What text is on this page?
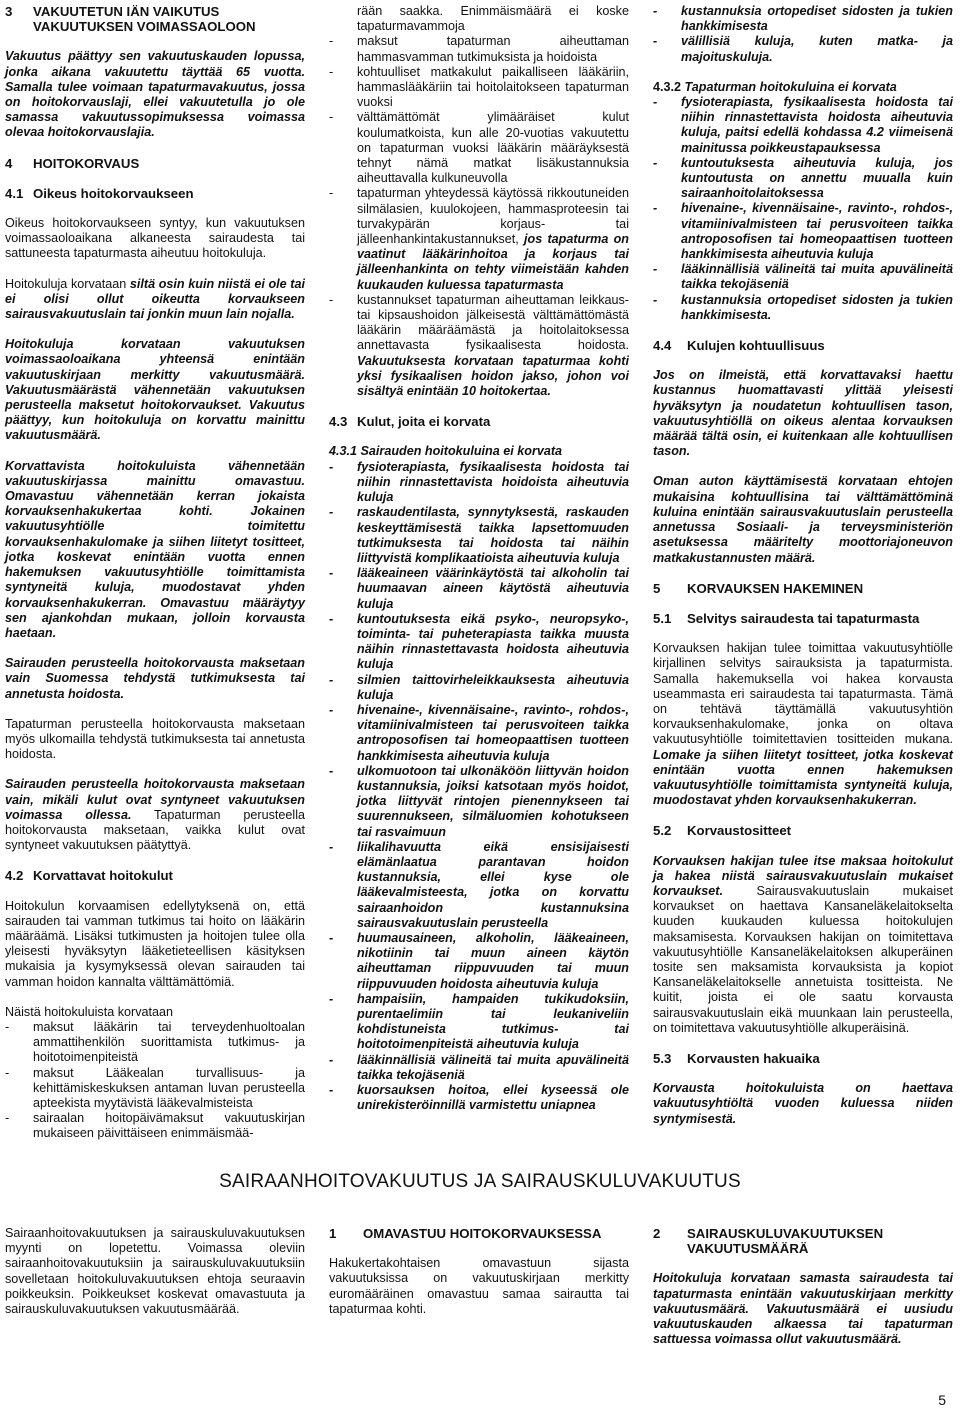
3	VAKUUTETUN IÄN VAIKUTUS VAKUUTUKSEN VOIMASSAOLOON

Vakuutus päättyy sen vakuutuskauden lopussa, jonka aikana vakuutettu täyttää 65 vuotta. Samalla tulee voimaan tapaturmavakuutus, jossa on hoitokorvauslaji, ellei vakuutetulla jo ole samassa vakuutussopimuksessa voimassa olevaa hoitokorvauslajia.

4	HOITOKORVAUS
4.1 Oikeus hoitokorvaukseen

Oikeus hoitokorvaukseen syntyy, kun vakuutuksen voimassaoloaikana alkaneesta sairaudesta tai sattuneesta tapaturmasta aiheutuu hoitokuluja.

Hoitokuluja korvataan siltä osin kuin niistä ei ole tai ei olisi ollut oikeutta korvaukseen sairausvakuutuslain tai jonkin muun lain nojalla.

Hoitokuluja korvataan vakuutuksen voimassaoloaikana yhteensä enintään vakuutuskirjaan merkitty vakuutusmäärä. Vakuutusmäärästä vähennetään vakuutuksen perusteella maksetut hoitokorvaukset. Vakuutus päättyy, kun hoitokuluja on korvattu mainittu vakuutusmäärä.

Korvattavista hoitokuluista vähennetään vakuutuskirjassa mainittu omavastuu. Omavastuu vähennetään kerran jokaista korvauksenhakukertaa kohti. Jokainen vakuutusyhtiölle toimitettu korvauksenhakulomake ja siihen liitetyt tositteet, jotka koskevat enintään vuotta ennen hakemuksen vakuutusyhtiölle toimittamista syntyneitä kuluja, muodostavat yhden korvauksenhakukerran. Omavastuu määräytyy sen ajankohdan mukaan, jolloin korvausta haetaan.

Sairauden perusteella hoitokorvausta maksetaan vain Suomessa tehdystä tutkimuksesta tai annetusta hoidosta.

Tapaturman perusteella hoitokorvausta maksetaan myös ulkomailla tehdystä tutkimuksesta tai annetusta hoidosta.

Sairauden perusteella hoitokorvausta maksetaan vain, mikäli kulut ovat syntyneet vakuutuksen voimassa ollessa. Tapaturman perusteella hoitokorvausta maksetaan, vaikka kulut ovat syntyneet vakuutuksen päätyttyä.

4.2 Korvattavat hoitokulut

Hoitokulun korvaamisen edellytyksenä on, että sairauden tai vamman tutkimus tai hoito on lääkärin määräämä. Lisäksi tutkimusten ja hoitojen tulee olla yleisesti hyväksytyn lääketieteellisen käsityksen mukaisia ja kysymyksessä olevan sairauden tai vamman hoidon kannalta välttämättömiä.

Näistä hoitokuluista korvataan

-	maksut lääkärin tai terveydenhuoltoalan ammattihenkilön suorittamista tutkimus- ja hoitotoimenpiteistä
-	maksut Lääkealan turvallisuus- ja kehittämiskeskuksen antaman luvan perusteella apteekista myytävistä lääkevalmisteista
-	sairaalan hoitopäivämaksut vakuutuskirjan mukaiseen päivittäiseen enimmäismää-

rään saakka. Enimmäismäärä ei koske tapaturmavammoja

-	maksut tapaturman aiheuttaman hammasvamman tutkimuksista ja hoidoista
-	kohtuulliset matkakulut paikalliseen lääkäriin, hammaslääkäriin tai hoitolaitokseen tapaturman vuoksi
-	välttämättömät ylimääräiset kulut koulumatkoista, kun alle 20-vuotias vakuutettu on tapaturman vuoksi lääkärin määräyksestä tehnyt nämä matkat lisäkustannuksia aiheuttavalla kulkuneuvolla
-	tapaturman yhteydessä käytössä rikkoutuneiden silmälasien, kuulokojeen, hammasproteesin tai turvakypärän korjaus- tai jälleenhankintakustannukset, jos tapaturma on vaatinut lääkärinhoitoa ja korjaus tai jälleenhankinta on tehty viimeistään kahden kuukauden kuluessa tapaturmasta
-	kustannukset tapaturman aiheuttaman leikkaus- tai kipsaushoidon jälkeisestä välttämättömästä lääkärin määräämästä ja hoitolaitoksessa annettavasta fysikaalisesta hoidosta. Vakuutuksesta korvataan tapaturmaa kohti yksi fysikaalisen hoidon jakso, johon voi sisältyä enintään 10 hoitokertaa.
4.3 Kulut, joita ei korvata

4.3.1 Sairauden hoitokuluina ei korvata

-	fysioterapiasta, fysikaalisesta hoidosta tai niihin rinnastettavista hoidoista aiheutuvia kuluja
-	raskaudentilasta, synnytyksestä, raskauden keskeyttämisestä taikka lapsettomuuden tutkimuksesta tai hoidosta tai näihin liittyvistä komplikaatioista aiheutuvia kuluja
-	lääkeaineen väärinkäytöstä tai alkoholin tai huumaavan aineen käytöstä aiheutuvia kuluja
-	kuntoutuksesta eikä psyko-, neuropsyko-, toiminta- tai puheterapiasta taikka muusta näihin rinnastettavasta hoidosta aiheutuvia kuluja
-	silmien taittovirheleikkauksesta aiheutuvia kuluja
-	hivenaine-, kivennäisaine-, ravinto-, rohdos-, vitamiinivalmisteen tai perusvoiteen taikka antroposofisen tai homeopaattisen tuotteen hankkimisesta aiheutuvia kuluja
-	ulkomuotoon tai ulkonäköön liittyvän hoidon kustannuksia, joiksi katsotaan myös hoidot, jotka liittyvät rintojen pienennykseen tai suurennukseen, silmäluomien kohotukseen tai rasvaimuun
-	liikalihavuutta eikä ensisijaisesti elämänlaatua parantavan hoidon kustannuksia, ellei kyse ole lääkevalmisteesta, jotka on korvattu sairaanhoidon kustannuksina sairausvakuutuslain perusteella
-	huumausaineen, alkoholin, lääkeaineen, nikotiinin tai muun aineen käytön aiheuttaman riippuvuuden tai muun riippuvuuden hoidosta aiheutuvia kuluja
-	hampaisiin, hampaiden tukikudoksiin, purentaelimiin tai leukaniveliin kohdistuneista tutkimus- tai hoitotoimenpiteistä aiheutuvia kuluja
-	lääkinnällisiä välineitä tai muita apuvälineitä taikka tekojäseniä
-	kuorsauksen hoitoa, ellei kyseessä ole unirekisteröinnillä varmistettu uniapnea
-	kustannuksia ortopediset sidosten ja tukien hankkimisesta
-	välillisiä kuluja, kuten matka- ja majoituskuluja.

4.3.2 Tapaturman hoitokuluina ei korvata

-	fysioterapiasta, fysikaalisesta hoidosta tai niihin rinnastettavista hoidosta aiheutuvia kuluja, paitsi edellä kohdassa 4.2 viimeisenä mainitussa poikkeustapauksessa
-	kuntoutuksesta aiheutuvia kuluja, jos kuntoutusta on annettu muualla kuin sairaanhoitolaitoksessa
-	hivenaine-, kivennäisaine-, ravinto-, rohdos-, vitamiinivalmisteen tai perusvoiteen taikka antroposofisen tai homeopaattisen tuotteen hankkimisesta aiheutuvia kuluja
-	lääkinnällisiä välineitä tai muita apuvälineitä taikka tekojäseniä
-	kustannuksia ortopediset sidosten ja tukien hankkimisesta.
4.4	Kulujen kohtuullisuus

Jos on ilmeistä, että korvattavaksi haettu kustannus huomattavasti ylittää yleisesti hyväksytyn ja noudatetun kohtuullisen tason, vakuutusyhtiöllä on oikeus alentaa korvauksen määrää tältä osin, ei kuitenkaan alle kohtuullisen tason.

Oman auton käyttämisestä korvataan ehtojen mukaisina kohtuullisina tai välttämättöminä kuluina enintään sairausvakuutuslain perusteella annetussa Sosiaali- ja terveysministeriön asetuksessa määritelty moottoriajoneuvon matkakustannusten määrä.

5	KORVAUKSEN HAKEMINEN
5.1	Selvitys sairaudesta tai tapaturmasta

Korvauksen hakijan tulee toimittaa vakuutusyhtiölle kirjallinen selvitys sairauksista ja tapaturmista. Samalla hakemuksella voi hakea korvausta useammasta eri sairaudesta tai tapaturmasta. Tämä on tehtävä täyttämällä vakuutusyhtiön korvauksenhakulomake, jonka on oltava vakuutusyhtiölle toimitettavien tositteiden mukana. Lomake ja siihen liitetyt tositteet, jotka koskevat enintään vuotta ennen hakemuksen vakuutusyhtiölle toimittamista syntyneitä kuluja, muodostavat yhden korvauksenhakukerran.

5.2	Korvaustositteet

Korvauksen hakijan tulee itse maksaa hoitokulut ja hakea niistä sairausvakuutuslain mukaiset korvaukset. Sairausvakuutuslain mukaiset korvaukset on haettava Kansaneläkelaitokselta kuuden kuukauden kuluessa hoitokulujen maksamisesta. Korvauksen hakijan on toimitettava vakuutusyhtiölle Kansaneläkelaitoksen alkuperäinen tosite sen maksamista korvauksista ja kopiot Kansaneläkelaitokselle annetuista tositteista. Ne kuitit, joista ei ole saatu korvausta sairausvakuutuslain eikä muunkaan lain perusteella, on toimitettava vakuutusyhtiölle alkuperäisinä.

5.3	Korvausten hakuaika

Korvausta hoitokuluista on haettava vakuutusyhtiöltä vuoden kuluessa niiden syntymisestä.

SAIRAANHOITOVAKUUTUS JA SAIRAUSKULUVAKUUTUS

Sairaanhoitovakuutuksen ja sairauskuluvakuutuksen myynti on lopetettu. Voimassa oleviin sairaanhoitovakuutuksiin ja sairauskuluvakuutuksiin sovelletaan hoitokuluvakuutuksen ehtoja seuraavin poikkeuksin. Poikkeukset koskevat omavastuuta ja sairauskuluvakuutuksen vakuutusmäärää.

1	OMAVASTUU HOITOKORVAUKSESSA

Hakukertakohtaisen omavastuun sijasta vakuutuksissa on vakuutuskirjaan merkitty euromääräinen omavastuu samaa sairautta tai tapaturmaa kohti.

2	SAIRAUSKULUVAKUUTUKSEN VAKUUTUSMÄÄRÄ

Hoitokuluja korvataan samasta sairaudesta tai tapaturmasta enintään vakuutuskirjaan merkitty vakuutusmäärä. Vakuutusmäärä ei uusiudu vakuutuskauden alkaessa tai tapaturman sattuessa voimassa ollut vakuutusmäärä.

5
